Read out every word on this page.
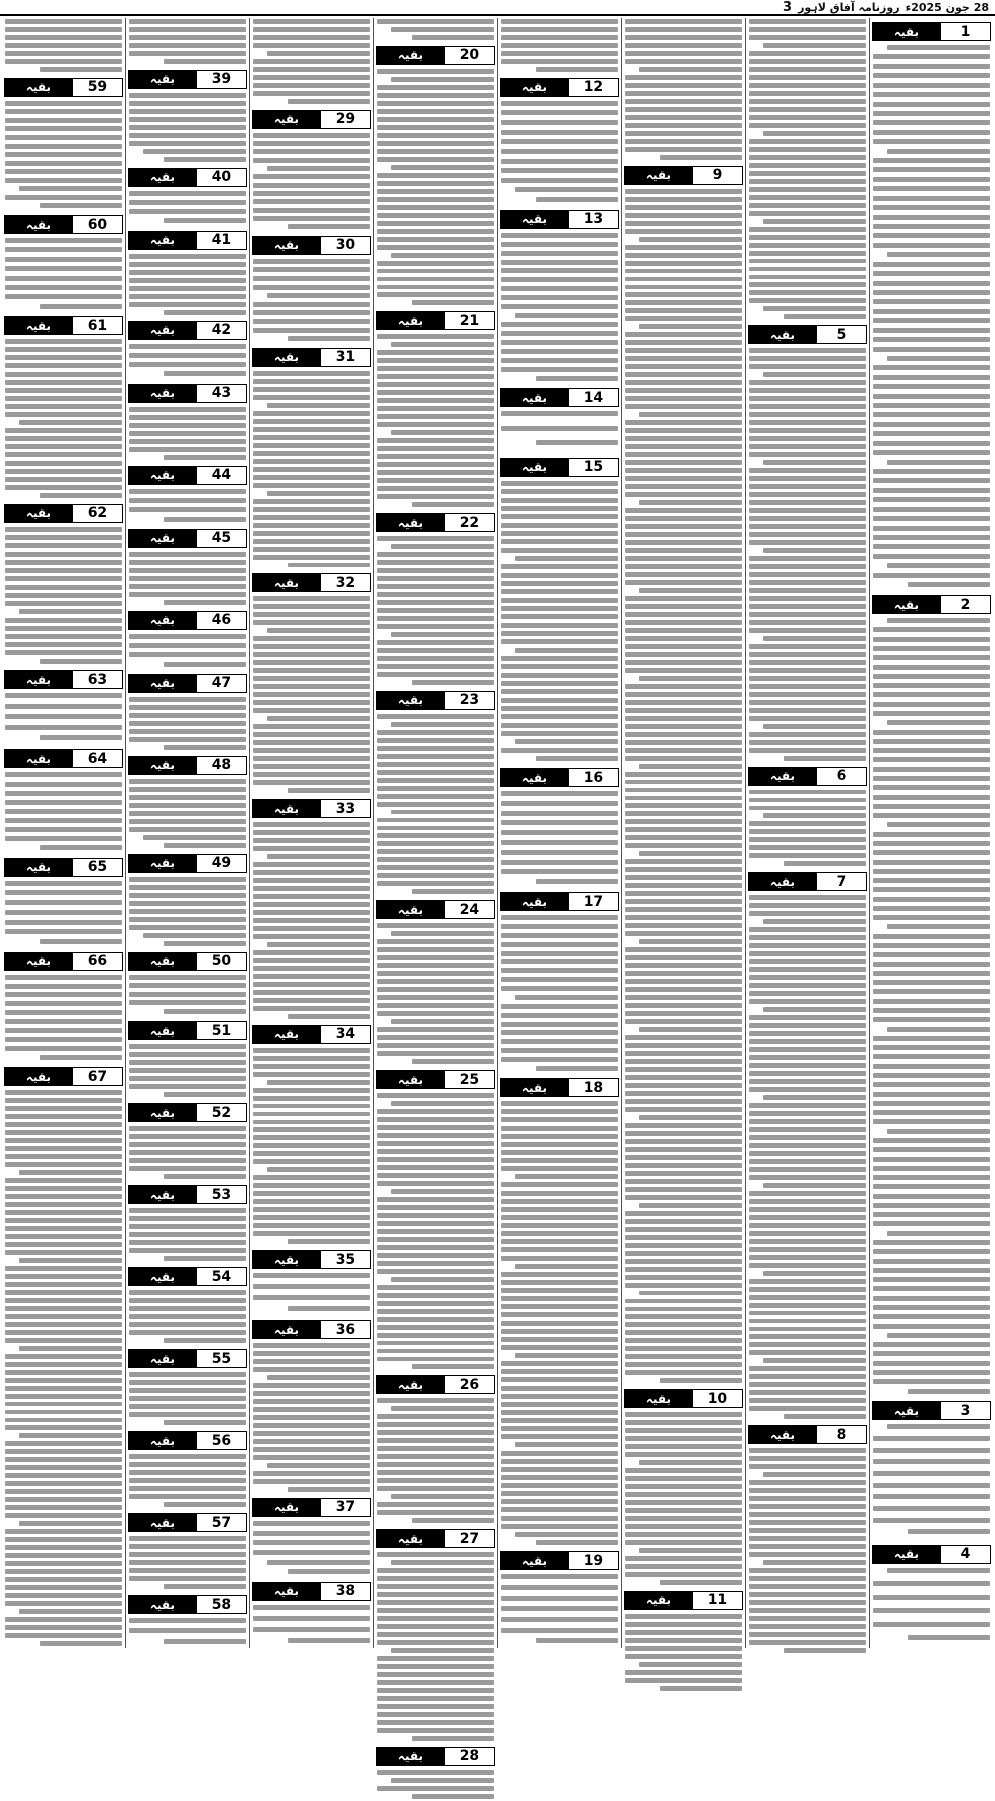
3 روزنامہ آفاق لاہور 28 جون 2025ء
1
بقیہ
2
بقیہ
3
بقیہ
4
بقیہ
5
بقیہ
6
بقیہ
7
بقیہ
8
بقیہ
9
بقیہ
10
بقیہ
11
بقیہ
12
بقیہ
13
بقیہ
14
بقیہ
15
بقیہ
16
بقیہ
17
بقیہ
18
بقیہ
19
بقیہ
20
بقیہ
21
بقیہ
22
بقیہ
23
بقیہ
24
بقیہ
25
بقیہ
26
بقیہ
27
بقیہ
28
بقیہ
29
بقیہ
30
بقیہ
31
بقیہ
32
بقیہ
33
بقیہ
34
بقیہ
35
بقیہ
36
بقیہ
37
بقیہ
38
بقیہ
39
بقیہ
40
بقیہ
41
بقیہ
42
بقیہ
43
بقیہ
44
بقیہ
45
بقیہ
46
بقیہ
47
بقیہ
48
بقیہ
49
بقیہ
50
بقیہ
51
بقیہ
52
بقیہ
53
بقیہ
54
بقیہ
55
بقیہ
56
بقیہ
57
بقیہ
58
بقیہ
59
بقیہ
60
بقیہ
61
بقیہ
62
بقیہ
63
بقیہ
64
بقیہ
65
بقیہ
66
بقیہ
67
بقیہ
